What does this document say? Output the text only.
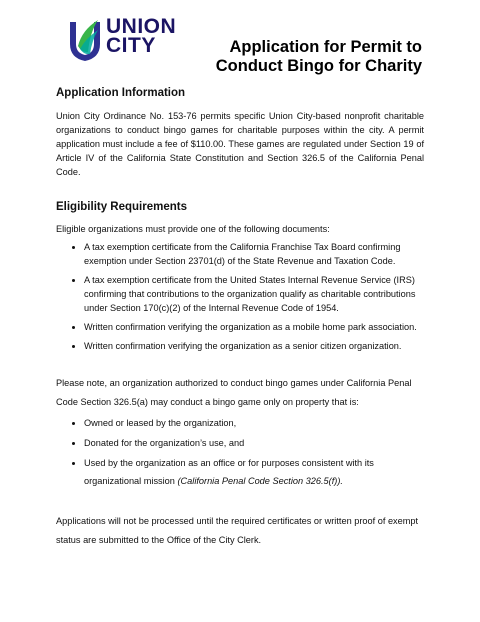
UNION
CITY	Application for Permit to
Conduct Bingo for Charity
Application Information

Union City Ordinance No. 153-76 permits specific Union City-based nonprofit charitable organizations to conduct bingo games for charitable purposes within the city. A permit application must include a fee of $110.00. These games are regulated under Section 19 of Article IV of the California State Constitution and Section 326.5 of the California Penal Code.

Eligibility Requirements

Eligible organizations must provide one of the following documents:

• A tax exemption certificate from the California Franchise Tax Board confirming exemption under Section 23701(d) of the State Revenue and Taxation Code.
• A tax exemption certificate from the United States Internal Revenue Service (IRS) confirming that contributions to the organization qualify as charitable contributions under Section 170(c)(2) of the Internal Revenue Code of 1954.
• Written confirmation verifying the organization as a mobile home park association.
• Written confirmation verifying the organization as a senior citizen organization.

Please note, an organization authorized to conduct bingo games under California Penal Code Section 326.5(a) may conduct a bingo game only on property that is:

• Owned or leased by the organization,
• Donated for the organization’s use, and
• Used by the organization as an office or for purposes consistent with its organizational mission (California Penal Code Section 326.5(f)).

Applications will not be processed until the required certificates or written proof of exempt status are submitted to the Office of the City Clerk.
